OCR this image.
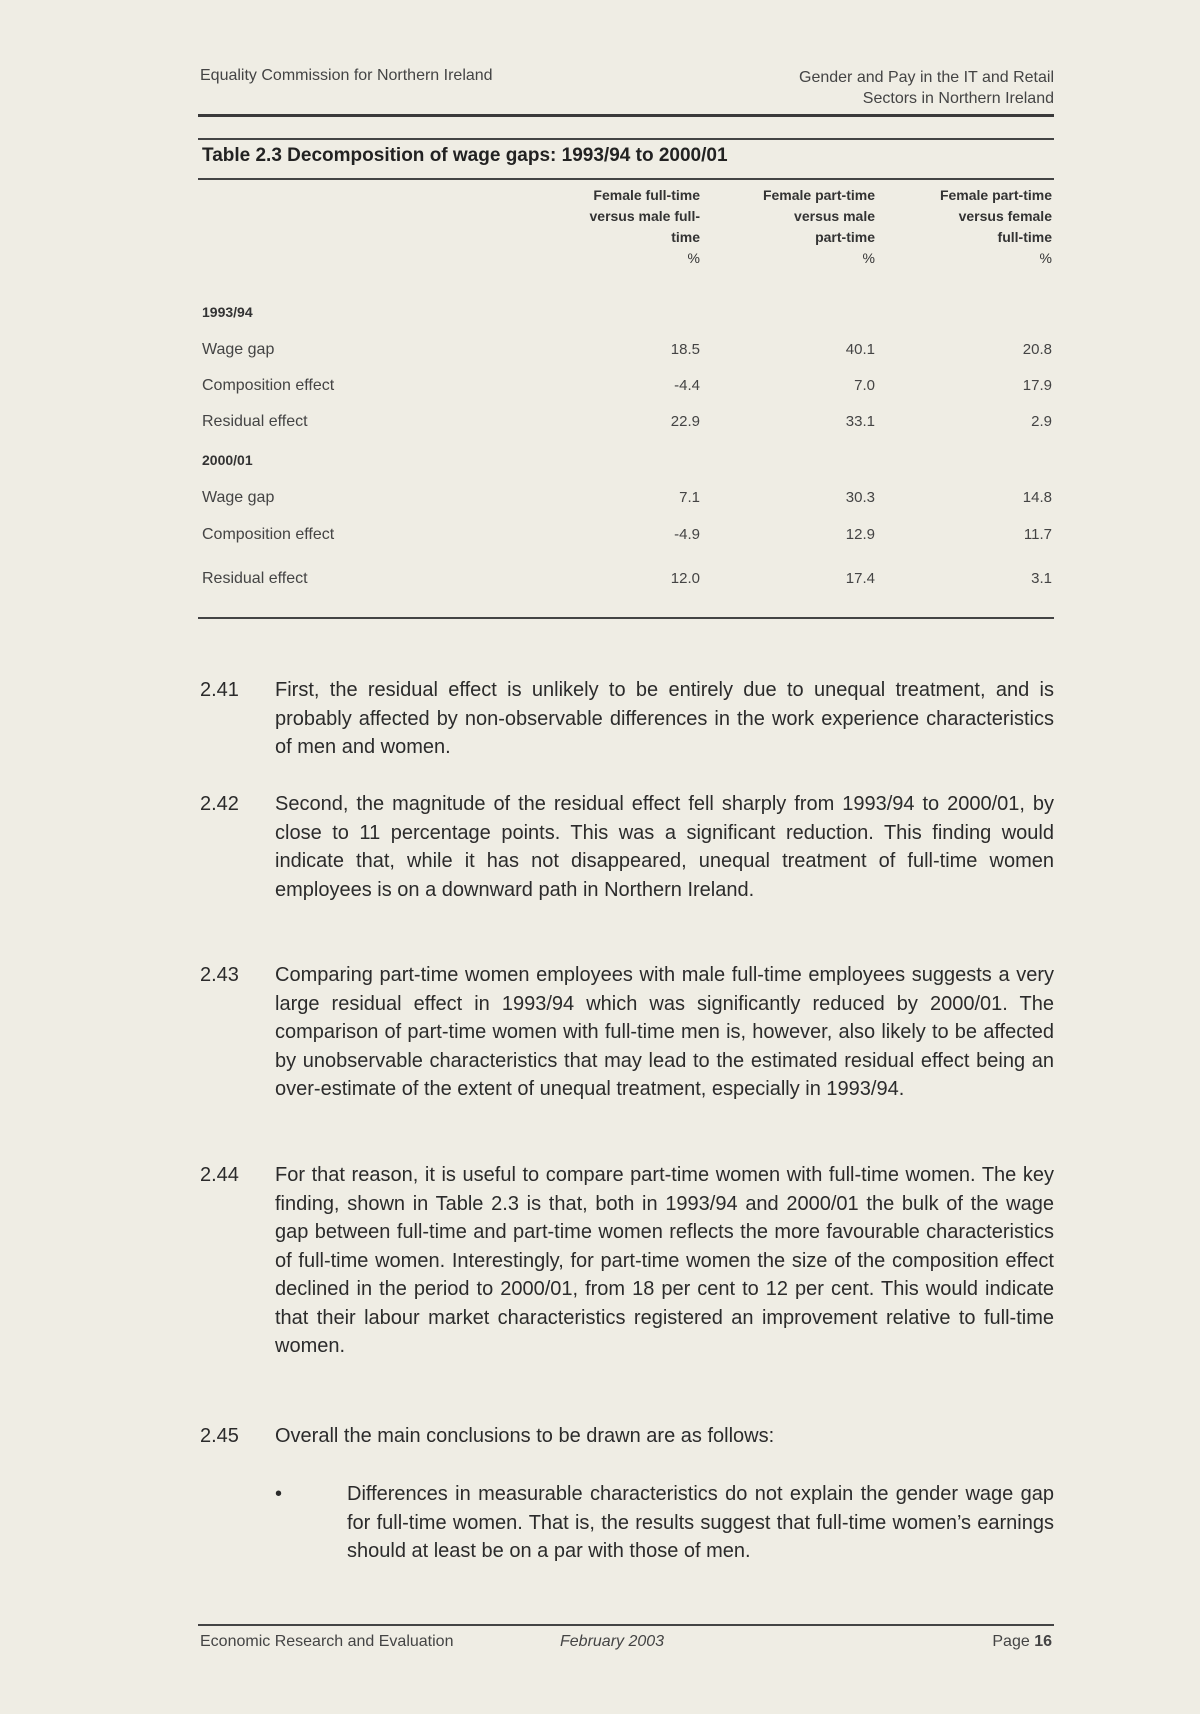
Equality Commission for Northern Ireland	Gender and Pay in the IT and Retail
Sectors in Northern Ireland
Table 2.3 Decomposition of wage gaps: 1993/94 to 2000/01
Female full-time
versus male full-
time
%
Female part-time
versus male
part-time
%
Female part-time
versus female
full-time
%
1993/94
Wage gap	18.5	40.1	20.8
Composition effect	-4.4	7.0	17.9
Residual effect	22.9	33.1	2.9
2000/01
Wage gap	7.1	30.3	14.8
Composition effect	-4.9	12.9	11.7
Residual effect	12.0	17.4	3.1
2.41	First, the residual effect is unlikely to be entirely due to unequal treatment, and is probably affected by non-observable differences in the work experience characteristics of men and women.
2.42	Second, the magnitude of the residual effect fell sharply from 1993/94 to 2000/01, by close to 11 percentage points. This was a significant reduction. This finding would indicate that, while it has not disappeared, unequal treatment of full-time women employees is on a downward path in Northern Ireland.
2.43	Comparing part-time women employees with male full-time employees suggests a very large residual effect in 1993/94 which was significantly reduced by 2000/01. The comparison of part-time women with full-time men is, however, also likely to be affected by unobservable characteristics that may lead to the estimated residual effect being an over-estimate of the extent of unequal treatment, especially in 1993/94.
2.44	For that reason, it is useful to compare part-time women with full-time women. The key finding, shown in Table 2.3 is that, both in 1993/94 and 2000/01 the bulk of the wage gap between full-time and part-time women reflects the more favourable characteristics of full-time women. Interestingly, for part-time women the size of the composition effect declined in the period to 2000/01, from 18 per cent to 12 per cent. This would indicate that their labour market characteristics registered an improvement relative to full-time women.
2.45	Overall the main conclusions to be drawn are as follows:
•	Differences in measurable characteristics do not explain the gender wage gap for full-time women. That is, the results suggest that full-time women’s earnings should at least be on a par with those of men.
Economic Research and Evaluation	February 2003	Page 16
